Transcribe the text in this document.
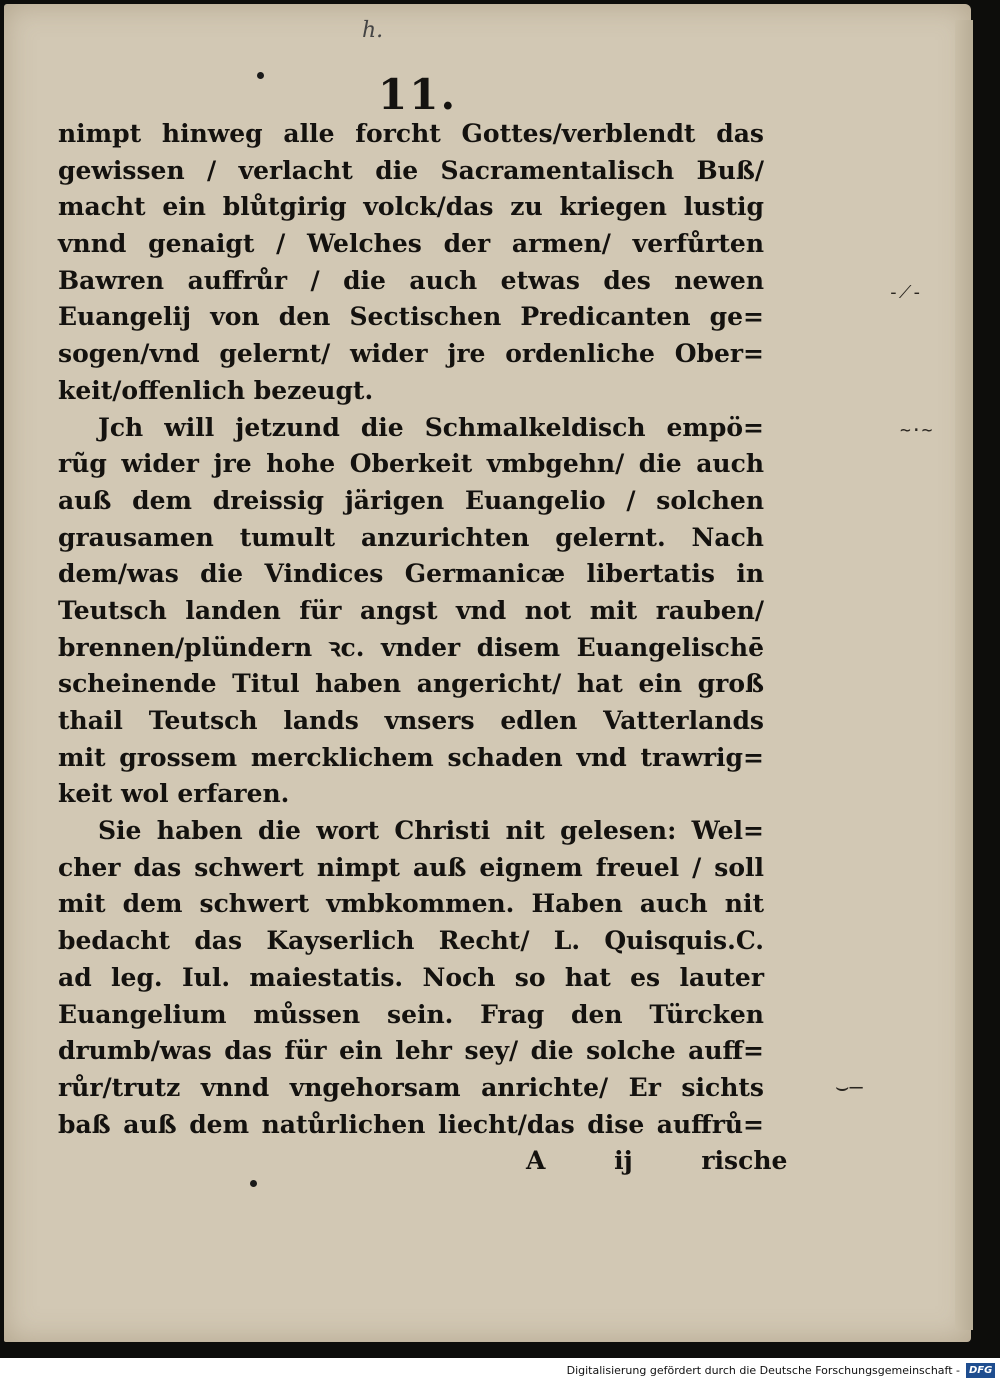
h.
11.
-⟋-
~·~
⌣—
nimpt hinweg alle forcht Gottes/verblendt das
gewissen / verlacht die Sacramentalisch Buß/
macht ein blůtgirig volck/das zu kriegen lustig
vnnd genaigt / Welches der armen/ verfůrten
Bawren auffrůr / die auch etwas des newen
Euangelij von den Sectischen Predicanten ge=
sogen/vnd gelernt/ wider jre ordenliche Ober=
keit/offenlich bezeugt.
Jch will jetzund die Schmalkeldisch empö=
rũg wider jre hohe Oberkeit vmbgehn/ die auch
auß dem dreissig järigen Euangelio / solchen
grausamen tumult anzurichten gelernt. Nach
dem/was die Vindices Germanicæ libertatis in
Teutsch landen für angst vnd not mit rauben/
brennen/plündern ꝛc. vnder disem Euangelischē
scheinende Titul haben angericht/ hat ein groß
thail Teutsch lands vnsers edlen Vatterlands
mit grossem mercklichem schaden vnd trawrig=
keit wol erfaren.
Sie haben die wort Christi nit gelesen: Wel=
cher das schwert nimpt auß eignem freuel / soll
mit dem schwert vmbkommen. Haben auch nit
bedacht das Kayserlich Recht/ L. Quisquis.C.
ad leg. Iul. maiestatis. Noch so hat es lauter
Euangelium můssen sein. Frag den Türcken
drumb/was das für ein lehr sey/ die solche auff=
růr/trutz vnnd vngehorsam anrichte/ Er sichts
baß auß dem natůrlichen liecht/das dise auffrů=
A ij	rische
Digitalisierung gefördert durch die Deutsche Forschungsgemeinschaft - DFG
